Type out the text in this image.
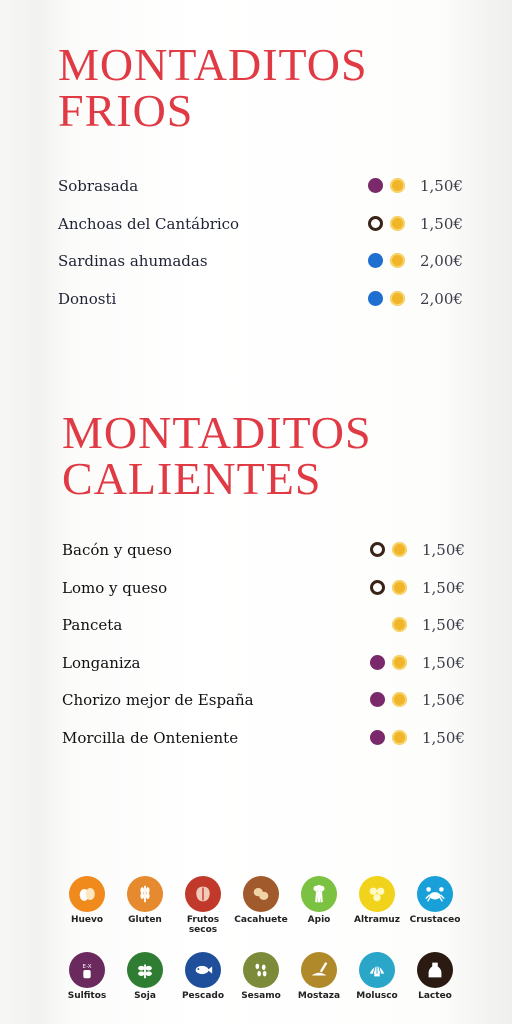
MONTADITOS
FRIOS
Sobrasada	1,50€
Anchoas del Cantábrico	1,50€
Sardinas ahumadas	2,00€
Donosti	2,00€
MONTADITOS
CALIENTES
Bacón y queso	1,50€
Lomo y queso	1,50€
Panceta	1,50€
Longaniza	1,50€
Chorizo mejor de España	1,50€
Morcilla de Onteniente	1,50€
Huevo	Gluten	Frutos
secos
Cacahuete	Apio	Altramuz	Crustaceo
E-X
Sulfitos	Soja	Pescado	Sesamo	Mostaza	Molusco	Lacteo
